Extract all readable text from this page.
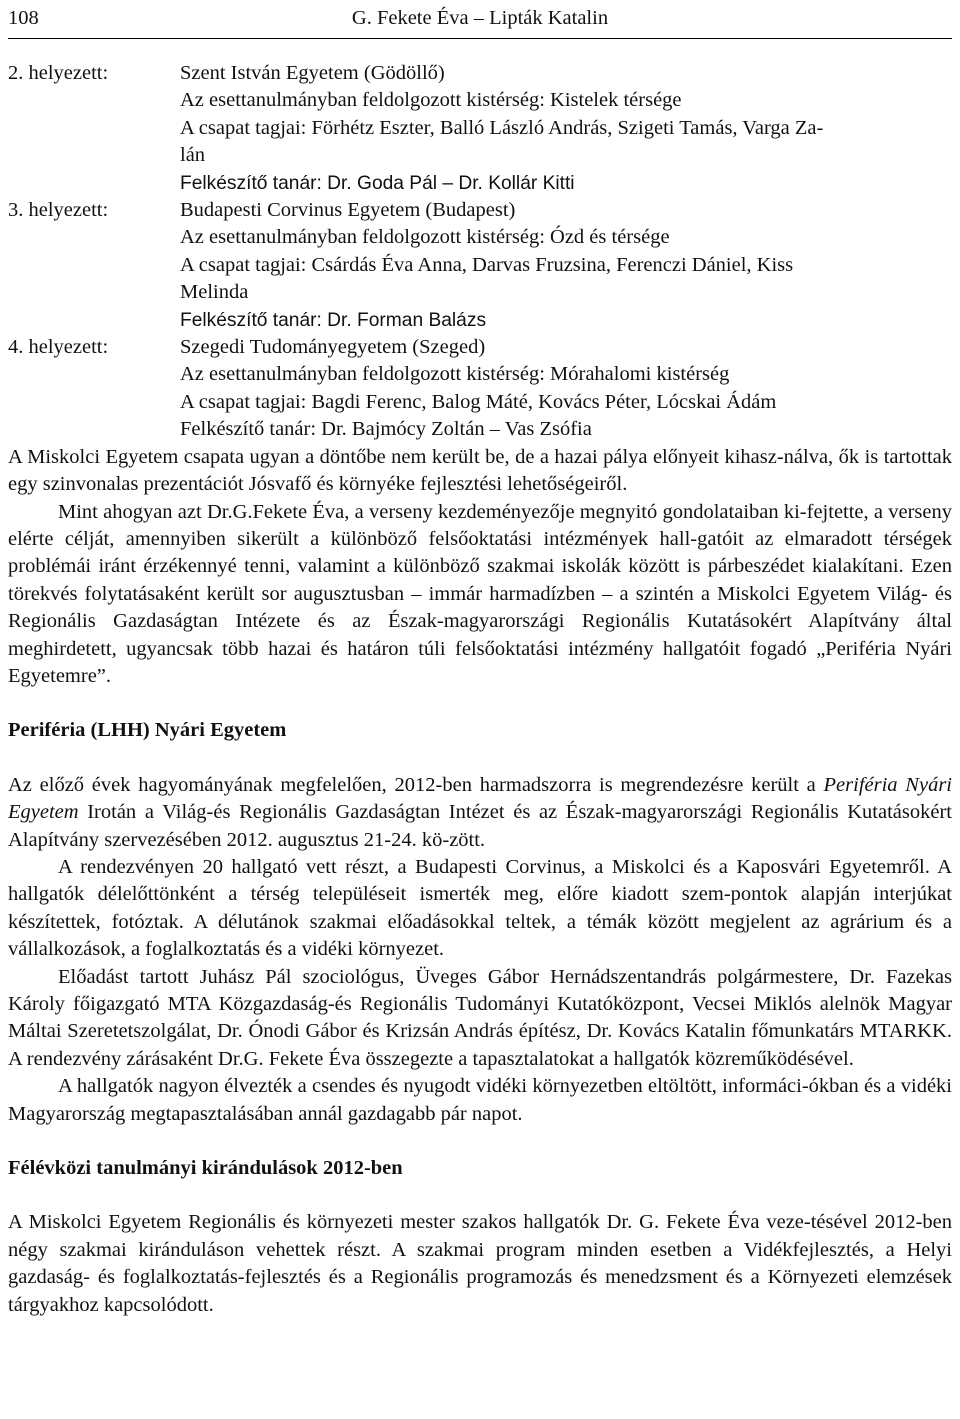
108	G. Fekete Éva – Lipták Katalin
2. helyezett:	Szent István Egyetem (Gödöllő)
Az esettanulmányban feldolgozott kistérség: Kistelek térsége
A csapat tagjai: Förhétz Eszter, Balló László András, Szigeti Tamás, Varga Za-
lán
Felkészítő tanár: Dr. Goda Pál – Dr. Kollár Kitti
3. helyezett:	Budapesti Corvinus Egyetem (Budapest)
Az esettanulmányban feldolgozott kistérség: Ózd és térsége
A csapat tagjai: Csárdás Éva Anna, Darvas Fruzsina, Ferenczi Dániel, Kiss
Melinda
Felkészítő tanár: Dr. Forman Balázs
4. helyezett:	Szegedi Tudományegyetem (Szeged)
Az esettanulmányban feldolgozott kistérség: Mórahalomi kistérség
A csapat tagjai: Bagdi Ferenc, Balog Máté, Kovács Péter, Lócskai Ádám
Felkészítő tanár: Dr. Bajmócy Zoltán – Vas Zsófia

A Miskolci Egyetem csapata ugyan a döntőbe nem került be, de a hazai pálya előnyeit kihasz-nálva, ők is tartottak egy szinvonalas prezentációt Jósvafő és környéke fejlesztési lehetőségeiről.

Mint ahogyan azt Dr.G.Fekete Éva, a verseny kezdeményezője megnyitó gondolataiban ki-fejtette, a verseny elérte célját, amennyiben sikerült a különböző felsőoktatási intézmények hall-gatóit az elmaradott térségek problémái iránt érzékennyé tenni, valamint a különböző szakmai iskolák között is párbeszédet kialakítani. Ezen törekvés folytatásaként került sor augusztusban – immár harmadízben – a szintén a Miskolci Egyetem Világ- és Regionális Gazdaságtan Intézete és az Észak-magyarországi Regionális Kutatásokért Alapítvány által meghirdetett, ugyancsak több hazai és határon túli felsőoktatási intézmény hallgatóit fogadó „Periféria Nyári Egyetemre”.

Periféria (LHH) Nyári Egyetem

Az előző évek hagyományának megfelelően, 2012-ben harmadszorra is megrendezésre került a Periféria Nyári Egyetem Irotán a Világ-és Regionális Gazdaságtan Intézet és az Észak-magyarországi Regionális Kutatásokért Alapítvány szervezésében 2012. augusztus 21-24. kö-zött.

A rendezvényen 20 hallgató vett részt, a Budapesti Corvinus, a Miskolci és a Kaposvári Egyetemről. A hallgatók délelőttönként a térség településeit ismerték meg, előre kiadott szem-pontok alapján interjúkat készítettek, fotóztak. A délutánok szakmai előadásokkal teltek, a témák között megjelent az agrárium és a vállalkozások, a foglalkoztatás és a vidéki környezet.

Előadást tartott Juhász Pál szociológus, Üveges Gábor Hernádszentandrás polgármestere, Dr. Fazekas Károly főigazgató MTA Közgazdaság-és Regionális Tudományi Kutatóközpont, Vecsei Miklós alelnök Magyar Máltai Szeretetszolgálat, Dr. Ónodi Gábor és Krizsán András építész, Dr. Kovács Katalin főmunkatárs MTARKK. A rendezvény zárásaként Dr.G. Fekete Éva összegezte a tapasztalatokat a hallgatók közreműködésével.

A hallgatók nagyon élvezték a csendes és nyugodt vidéki környezetben eltöltött, informáci-ókban és a vidéki Magyarország megtapasztalásában annál gazdagabb pár napot.

Félévközi tanulmányi kirándulások 2012-ben

A Miskolci Egyetem Regionális és környezeti mester szakos hallgatók Dr. G. Fekete Éva veze-tésével 2012-ben négy szakmai kiránduláson vehettek részt. A szakmai program minden esetben a Vidékfejlesztés, a Helyi gazdaság- és foglalkoztatás-fejlesztés és a Regionális programozás és menedzsment és a Környezeti elemzések tárgyakhoz kapcsolódott.
